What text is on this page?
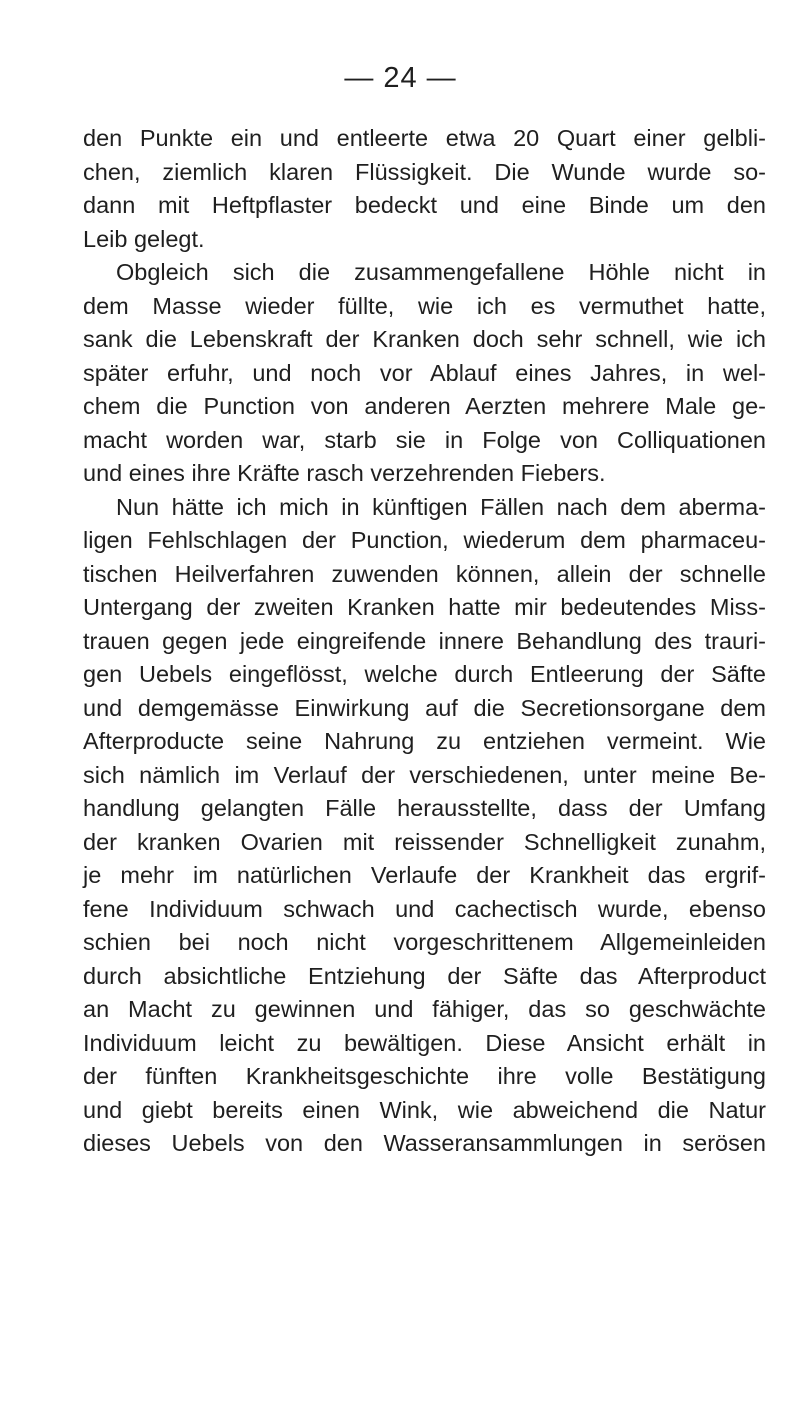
— 24 —
den Punkte ein und entleerte etwa 20 Quart einer gelbli-
chen, ziemlich klaren Flüssigkeit. Die Wunde wurde so-
dann mit Heftpflaster bedeckt und eine Binde um den
Leib gelegt.
Obgleich sich die zusammengefallene Höhle nicht in
dem Masse wieder füllte, wie ich es vermuthet hatte,
sank die Lebenskraft der Kranken doch sehr schnell, wie ich
später erfuhr, und noch vor Ablauf eines Jahres, in wel-
chem die Punction von anderen Aerzten mehrere Male ge-
macht worden war, starb sie in Folge von Colliquationen
und eines ihre Kräfte rasch verzehrenden Fiebers.
Nun hätte ich mich in künftigen Fällen nach dem aberma-
ligen Fehlschlagen der Punction, wiederum dem pharmaceu-
tischen Heilverfahren zuwenden können, allein der schnelle
Untergang der zweiten Kranken hatte mir bedeutendes Miss-
trauen gegen jede eingreifende innere Behandlung des trauri-
gen Uebels eingeflösst, welche durch Entleerung der Säfte
und demgemässe Einwirkung auf die Secretionsorgane dem
Afterproducte seine Nahrung zu entziehen vermeint. Wie
sich nämlich im Verlauf der verschiedenen, unter meine Be-
handlung gelangten Fälle herausstellte, dass der Umfang
der kranken Ovarien mit reissender Schnelligkeit zunahm,
je mehr im natürlichen Verlaufe der Krankheit das ergrif-
fene Individuum schwach und cachectisch wurde, ebenso
schien bei noch nicht vorgeschrittenem Allgemeinleiden
durch absichtliche Entziehung der Säfte das Afterproduct
an Macht zu gewinnen und fähiger, das so geschwächte
Individuum leicht zu bewältigen. Diese Ansicht erhält in
der fünften Krankheitsgeschichte ihre volle Bestätigung
und giebt bereits einen Wink, wie abweichend die Natur
dieses Uebels von den Wasseransammlungen in serösen
